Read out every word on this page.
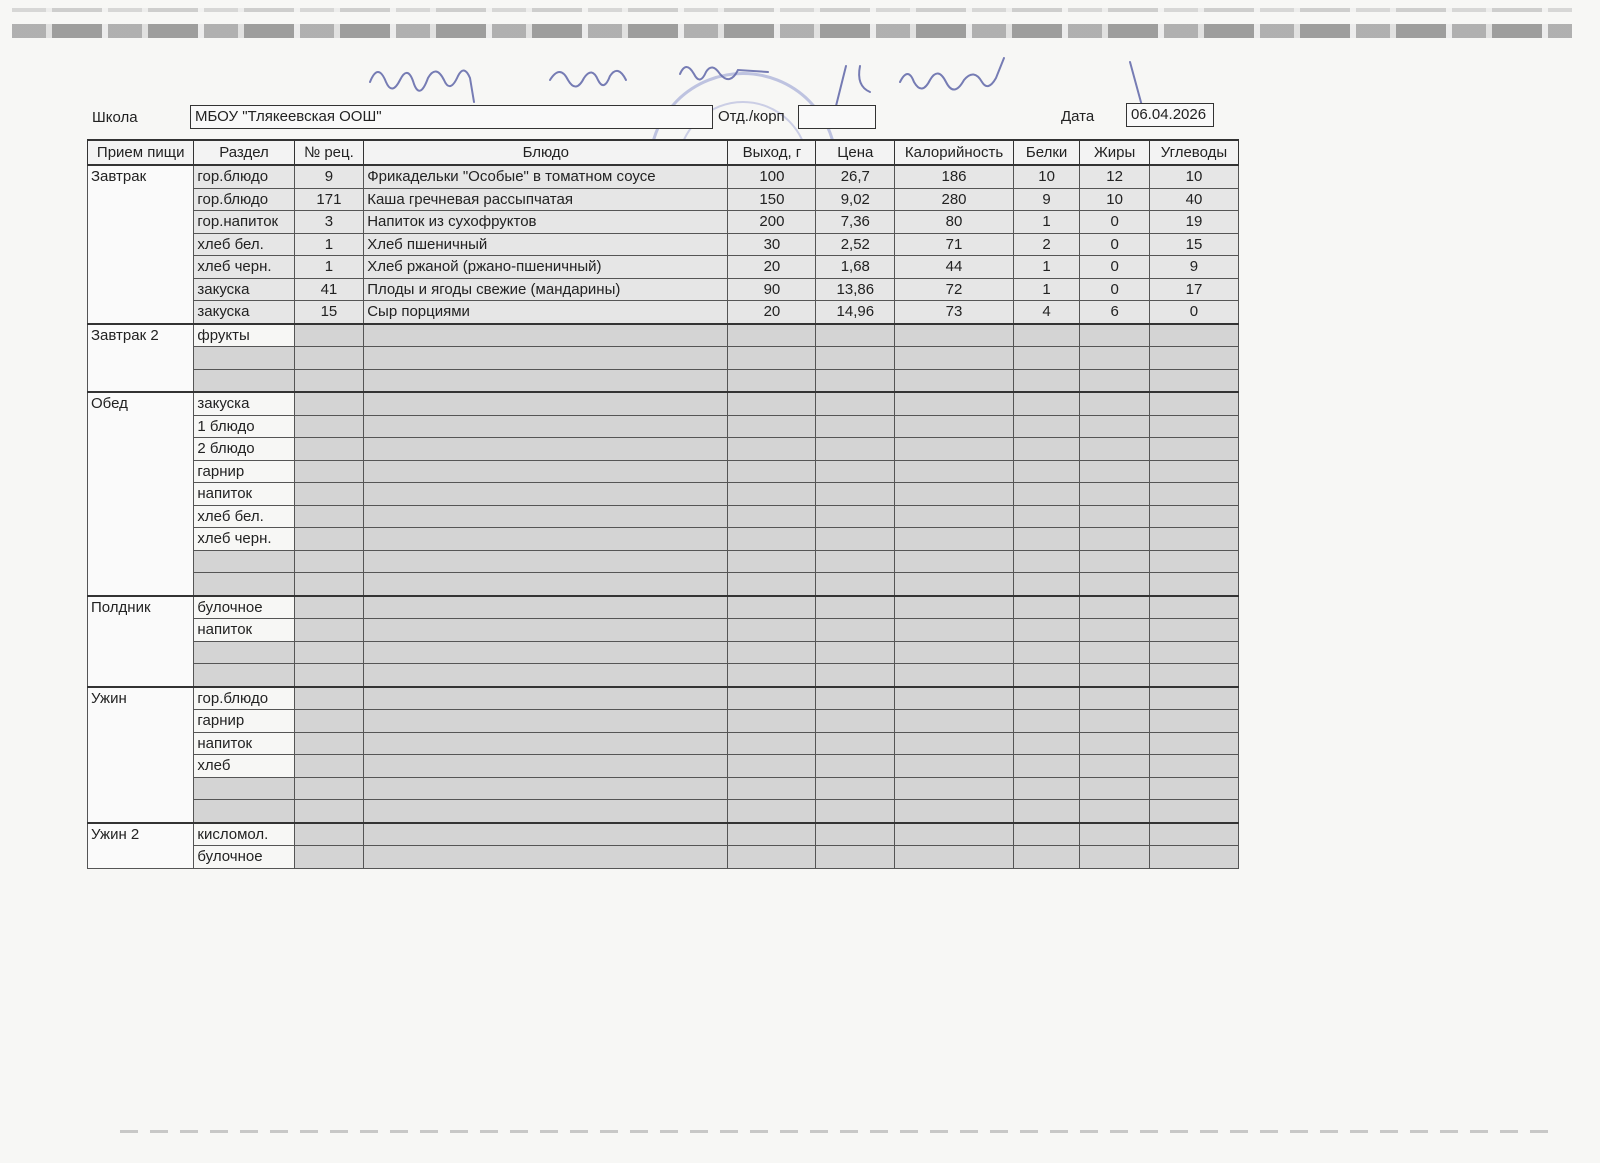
Школа	МБОУ "Тлякеевская ООШ"	Отд./корп	Дата	06.04.2026
Прием пищи	Раздел	№ рец.	Блюдо	Выход, г	Цена	Калорийность	Белки	Жиры	Углеводы
Завтрак	гор.блюдо	9	Фрикадельки "Особые" в томатном соусе	100	26,7	186	10	12	10
	гор.блюдо	171	Каша гречневая рассыпчатая	150	9,02	280	9	10	40
	гор.напиток	3	Напиток из сухофруктов	200	7,36	80	1	0	19
	хлеб бел.	1	Хлеб пшеничный	30	2,52	71	2	0	15
	хлеб черн.	1	Хлеб ржаной (ржано-пшеничный)	20	1,68	44	1	0	9
	закуска	41	Плоды и ягоды свежие (мандарины)	90	13,86	72	1	0	17
	закуска	15	Сыр порциями	20	14,96	73	4	6	0
Завтрак 2	фрукты								

Обед	закуска								
	1 блюдо								
	2 блюдо								
	гарнир								
	напиток								
	хлеб бел.								
	хлеб черн.								

Полдник	булочное								
	напиток								

Ужин	гор.блюдо								
	гарнир								
	напиток								
	хлеб								

Ужин 2	кисломол.								
	булочное								
